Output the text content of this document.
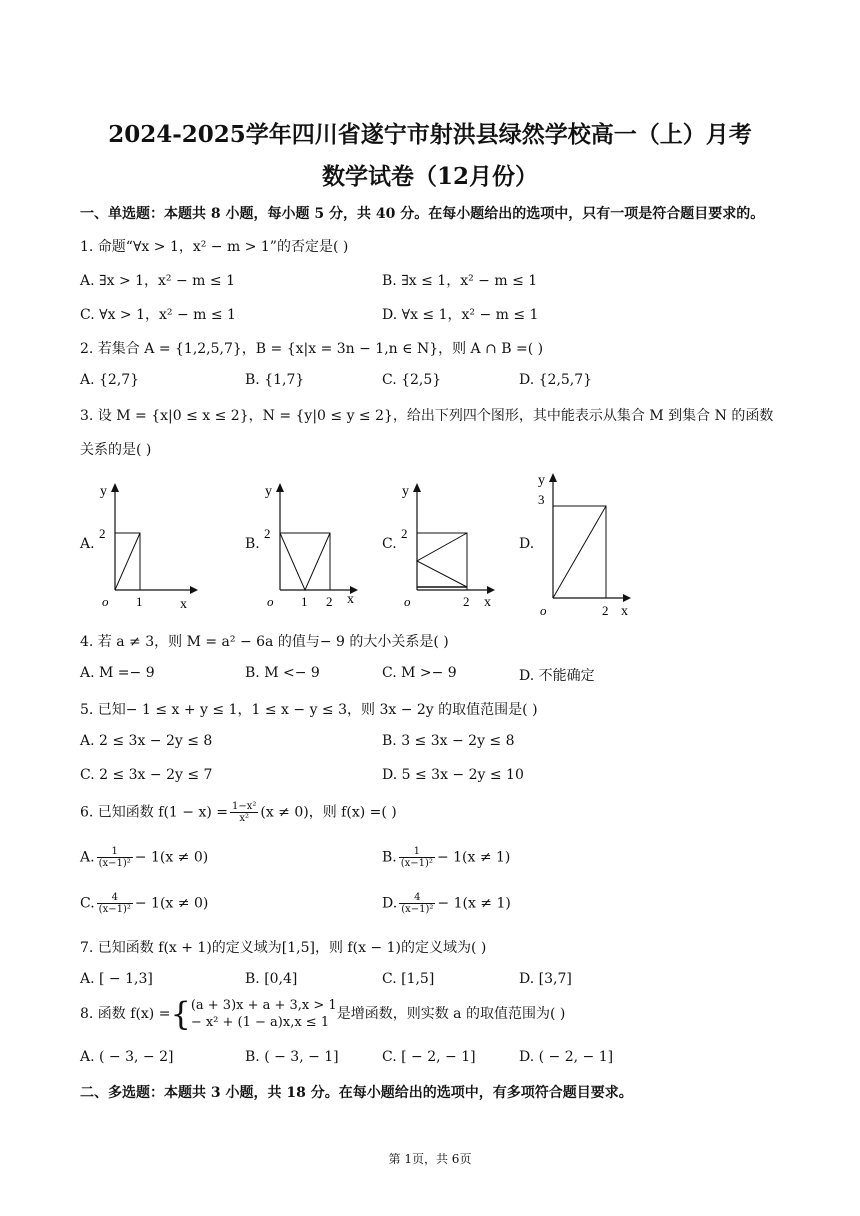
2024-2025学年四川省遂宁市射洪县绿然学校高一（上）月考
数学试卷（12月份）
一、单选题：本题共 8 小题，每小题 5 分，共 40 分。在每小题给出的选项中，只有一项是符合题目要求的。
1. 命题“∀x > 1，x² − m > 1”的否定是( )
A. ∃x > 1，x² − m ≤ 1	B. ∃x ≤ 1，x² − m ≤ 1
C. ∀x > 1，x² − m ≤ 1	D. ∀x ≤ 1，x² − m ≤ 1
2. 若集合 A = {1,2,5,7}，B = {x|x = 3n − 1,n ∈ N}，则 A ∩ B =( )
A. {2,7}	B. {1,7}	C. {2,5}	D. {2,5,7}
3. 设 M = {x|0 ≤ x ≤ 2}，N = {y|0 ≤ y ≤ 2}，给出下列四个图形，其中能表示从集合 M 到集合 N 的函数
关系的是( )
A.	B.	C.	D.
y
x
o
2
1
y
x
o
2
1 2
y
x
o
2
2
y
x
o
3
2
4. 若 a ≠ 3，则 M = a² − 6a 的值与− 9 的大小关系是( )
A. M =− 9	B. M <− 9	C. M >− 9	D. 不能确定
5. 已知− 1 ≤ x + y ≤ 1，1 ≤ x − y ≤ 3，则 3x − 2y 的取值范围是( )
A. 2 ≤ 3x − 2y ≤ 8	B. 3 ≤ 3x − 2y ≤ 8
C. 2 ≤ 3x − 2y ≤ 7	D. 5 ≤ 3x − 2y ≤ 10
6. 已知函数 $f(1 - x) = \frac{\text{1−x²}}{\text{x²}} (x \ne 0)$，则 f(x) =( )
A. $\frac{1}{\text{(x−1)²}} - 1(x \ne 0)$	B. $\frac{1}{\text{(x−1)²}} - 1(x \ne 1)$
C. $\frac{4}{\text{(x−1)²}} - 1(x \ne 0)$	D. $\frac{4}{\text{(x−1)²}} - 1(x \ne 1)$
7. 已知函数 f(x + 1)的定义域为[1,5]，则 f(x − 1)的定义域为( )
A. [ − 1,3]	B. [0,4]	C. [1,5]	D. [3,7]
8. 函数 f(x) ={ (a + 3)x + a + 3,x > 1
− x² + (1 − a)x,x ≤ 1
是增函数，则实数 a 的取值范围为( )
A. ( − 3, − 2]	B. ( − 3, − 1]	C. [ − 2, − 1]	D. ( − 2, − 1]
二、多选题：本题共 3 小题，共 18 分。在每小题给出的选项中，有多项符合题目要求。
第 1页，共 6页
